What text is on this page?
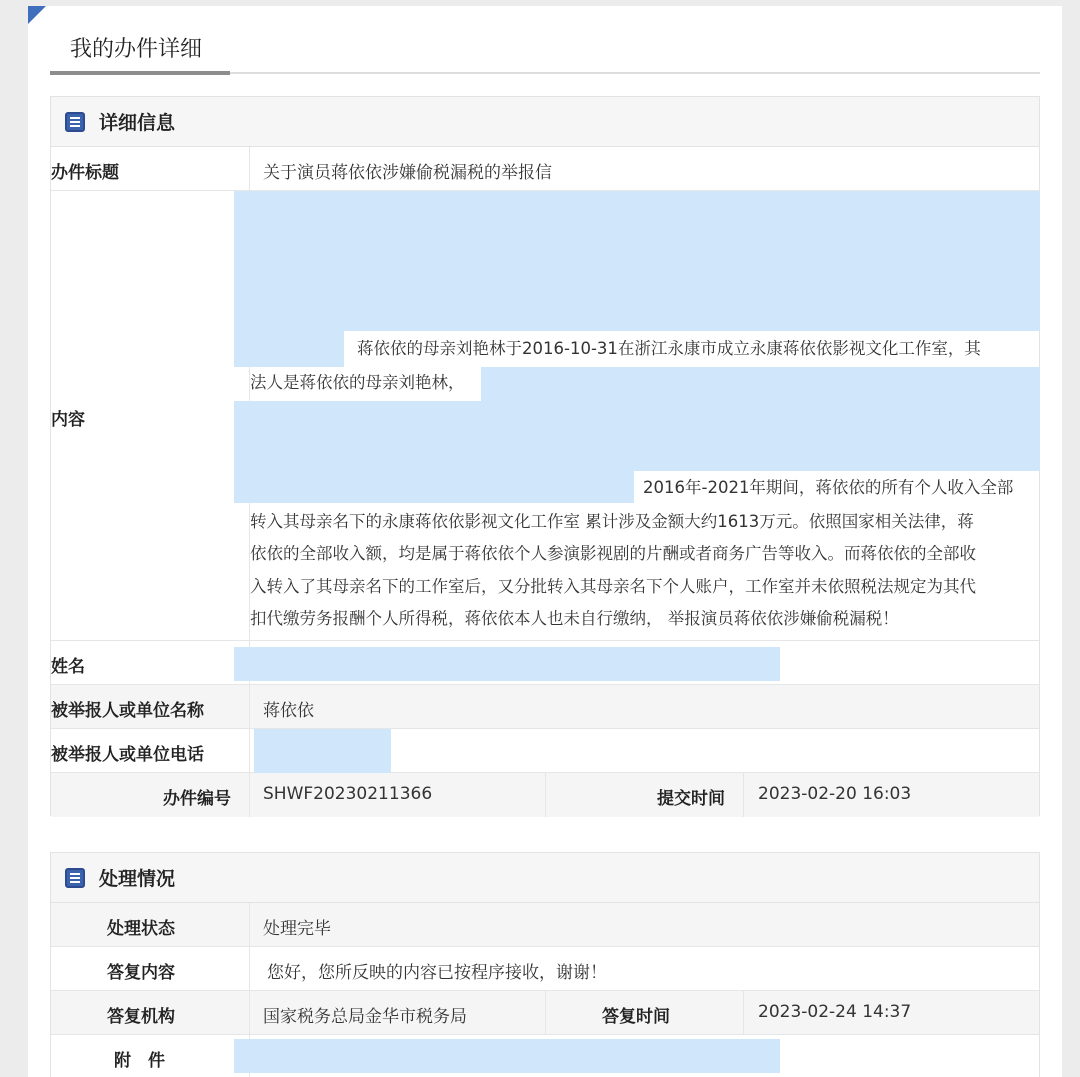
我的办件详细
详细信息
办件标题	关于演员蒋依依涉嫌偷税漏税的举报信
内容
蒋依依的母亲刘艳林于2016-10-31在浙江永康市成立永康蒋依依影视文化工作室，其
法人是蒋依依的母亲刘艳林，
2016年-2021年期间，蒋依依的所有个人收入全部
转入其母亲名下的永康蒋依依影视文化工作室 累计涉及金额大约1613万元。依照国家相关法律，蒋
依依的全部收入额，均是属于蒋依依个人参演影视剧的片酬或者商务广告等收入。而蒋依依的全部收
入转入了其母亲名下的工作室后，又分批转入其母亲名下个人账户，工作室并未依照税法规定为其代
扣代缴劳务报酬个人所得税，蒋依依本人也未自行缴纳， 举报演员蒋依依涉嫌偷税漏税！
姓名
被举报人或单位名称	蒋依依
被举报人或单位电话
办件编号 SHWF20230211366	提交时间 2023-02-20 16:03
处理情况
处理状态	处理完毕
答复内容	您好，您所反映的内容已按程序接收，谢谢！
答复机构	国家税务总局金华市税务局	答复时间	2023-02-24 14:37
附　件
